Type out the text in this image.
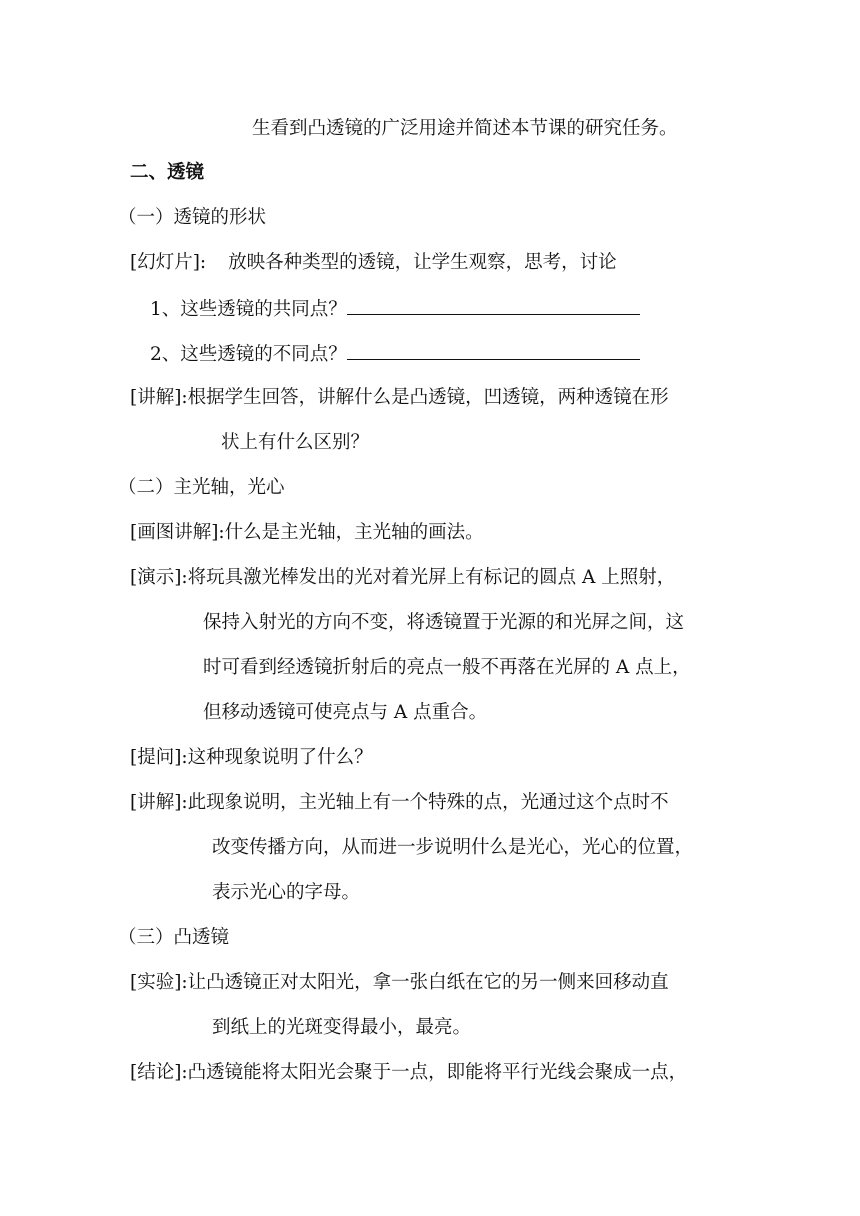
生看到凸透镜的广泛用途并简述本节课的研究任务。
二、透镜
（一）透镜的形状
[幻灯片]: 放映各种类型的透镜，让学生观察，思考，讨论
1、这些透镜的共同点？
2、这些透镜的不同点？
[讲解]:根据学生回答，讲解什么是凸透镜，凹透镜，两种透镜在形
状上有什么区别？
（二）主光轴，光心
[画图讲解]:什么是主光轴，主光轴的画法。
[演示]:将玩具激光棒发出的光对着光屏上有标记的圆点 A 上照射，
保持入射光的方向不变，将透镜置于光源的和光屏之间，这
时可看到经透镜折射后的亮点一般不再落在光屏的 A 点上，
但移动透镜可使亮点与 A 点重合。
[提问]:这种现象说明了什么？
[讲解]:此现象说明，主光轴上有一个特殊的点，光通过这个点时不
改变传播方向，从而进一步说明什么是光心，光心的位置，
表示光心的字母。
（三）凸透镜
[实验]:让凸透镜正对太阳光，拿一张白纸在它的另一侧来回移动直
到纸上的光斑变得最小，最亮。
[结论]:凸透镜能将太阳光会聚于一点，即能将平行光线会聚成一点，
